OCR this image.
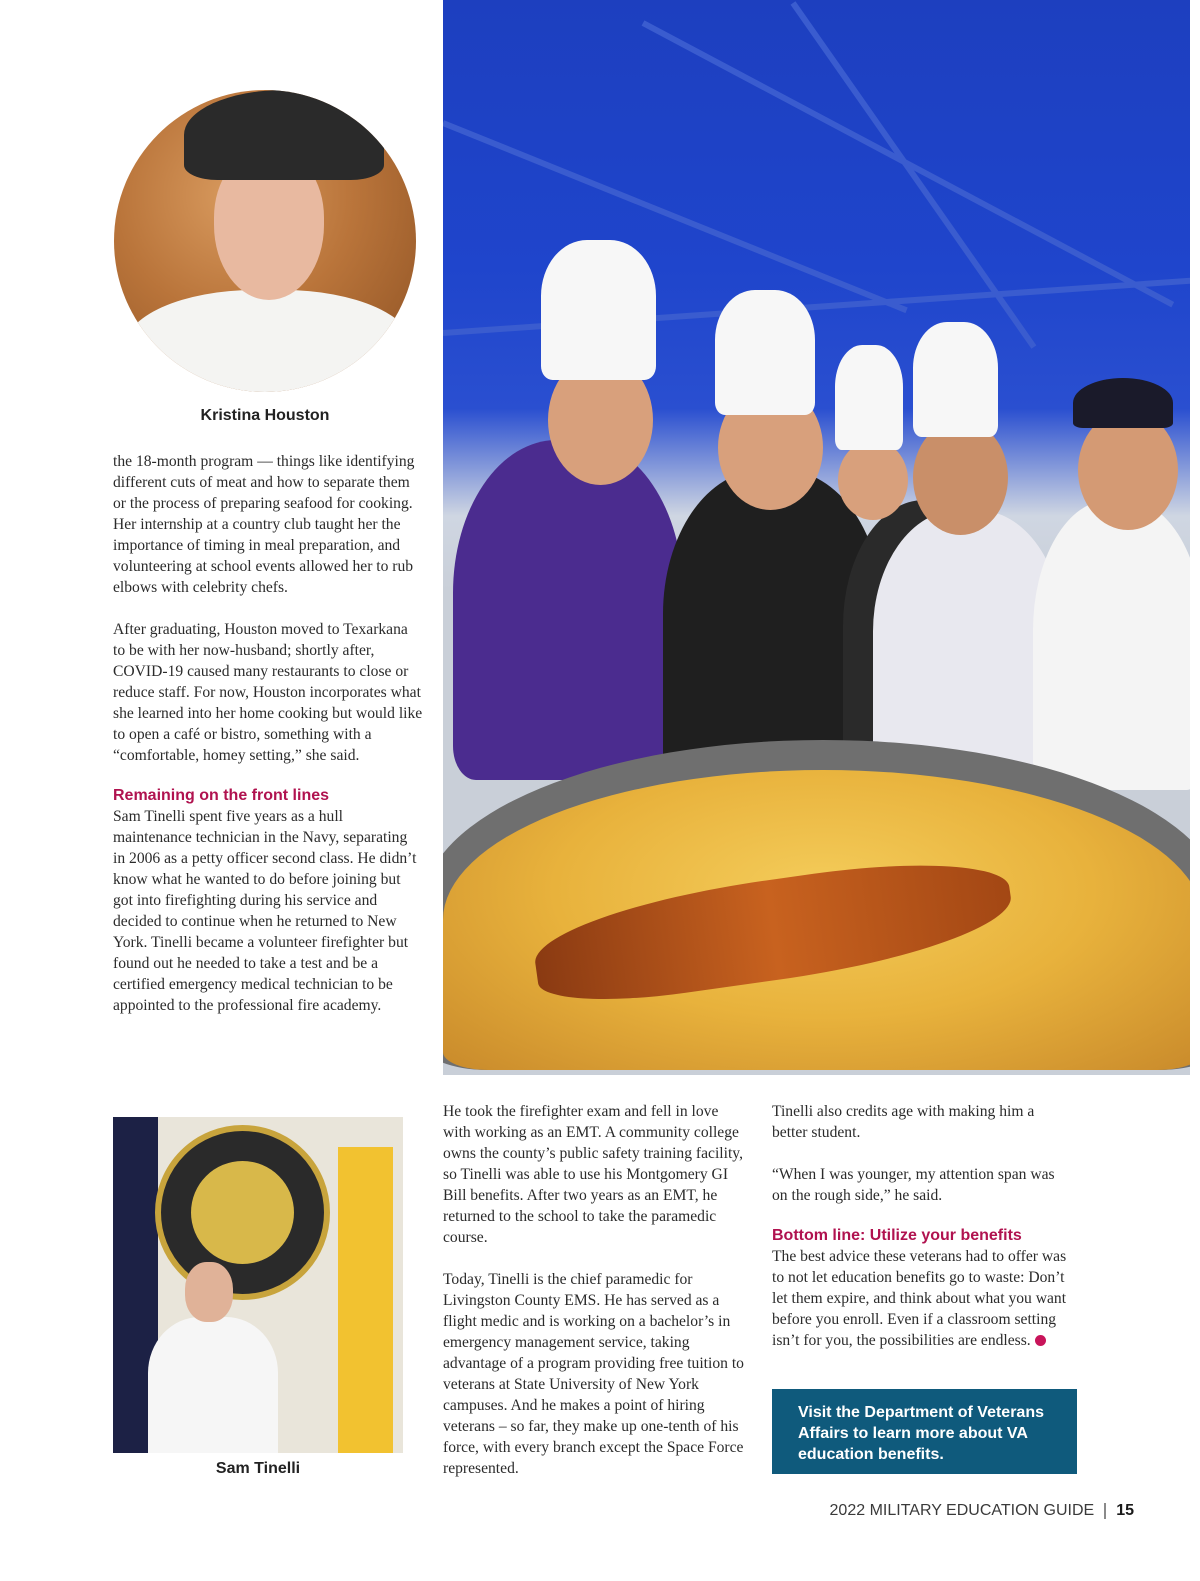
Kristina Houston

the 18-month program — things like identifying different cuts of meat and how to separate them or the process of preparing seafood for cooking. Her internship at a country club taught her the importance of timing in meal preparation, and volunteering at school events allowed her to rub elbows with celebrity chefs.

After graduating, Houston moved to Texarkana to be with her now-husband; shortly after, COVID-19 caused many restaurants to close or reduce staff. For now, Houston incorporates what she learned into her home cooking but would like to open a café or bistro, something with a “comfortable, homey setting,” she said.

Remaining on the front lines

Sam Tinelli spent five years as a hull maintenance technician in the Navy, separating in 2006 as a petty officer second class. He didn’t know what he wanted to do before joining but got into firefighting during his service and decided to continue when he returned to New York. Tinelli became a volunteer firefighter but found out he needed to take a test and be a certified emergency medical technician to be appointed to the professional fire academy.

Sam Tinelli

He took the firefighter exam and fell in love with working as an EMT. A community college owns the county’s public safety training facility, so Tinelli was able to use his Montgomery GI Bill benefits. After two years as an EMT, he returned to the school to take the paramedic course.

Today, Tinelli is the chief paramedic for Livingston County EMS. He has served as a flight medic and is working on a bachelor’s in emergency management service, taking advantage of a program providing free tuition to veterans at State University of New York campuses. And he makes a point of hiring veterans – so far, they make up one-tenth of his force, with every branch except the Space Force represented.

Tinelli also credits age with making him a better student.

“When I was younger, my attention span was on the rough side,” he said.

Bottom line: Utilize your benefits

The best advice these veterans had to offer was to not let education benefits go to waste: Don’t let them expire, and think about what you want before you enroll. Even if a classroom setting isn’t for you, the possibilities are endless.

Visit the Department of Veterans Affairs to learn more about VA education benefits.
2022 MILITARY EDUCATION GUIDE 15
